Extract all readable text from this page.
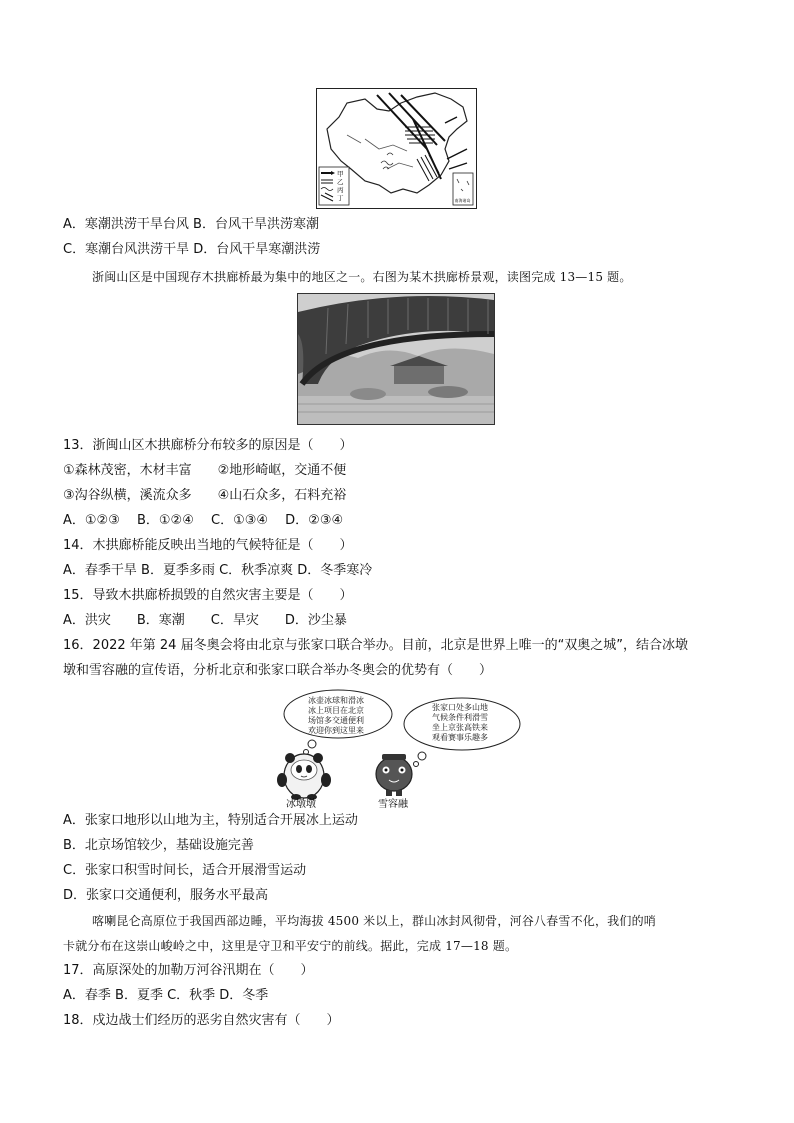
甲
乙
丙
丁	南海诸岛
A．寒潮洪涝干旱台风 B．台风干旱洪涝寒潮
C．寒潮台风洪涝干旱 D．台风干旱寒潮洪涝
浙闽山区是中国现存木拱廊桥最为集中的地区之一。右图为某木拱廊桥景观，读图完成 13—15 题。
13．浙闽山区木拱廊桥分布较多的原因是（　　）
①森林茂密，木材丰富　　②地形崎岖，交通不便
③沟谷纵横，溪流众多　　④山石众多，石料充裕
A．①②③　 B．①②④　 C．①③④　 D．②③④
14．木拱廊桥能反映出当地的气候特征是（　　）
A．春季干旱 B．夏季多雨 C．秋季凉爽 D．冬季寒冷
15．导致木拱廊桥损毁的自然灾害主要是（　　）
A．洪灾　　B．寒潮　　C．旱灾　　D．沙尘暴
16．2022 年第 24 届冬奥会将由北京与张家口联合举办。目前，北京是世界上唯一的“双奥之城”，结合冰墩
墩和雪容融的宣传语，分析北京和张家口联合举办冬奥会的优势有（　　）
冰壶冰球和滑冰
冰上项目在北京
场馆多交通便利
欢迎你到这里来
张家口处多山地
气候条件利滑雪
坐上京张高铁来
观看赛事乐趣多
冰墩墩	雪容融
A．张家口地形以山地为主，特别适合开展冰上运动
B．北京场馆较少，基础设施完善
C．张家口积雪时间长，适合开展滑雪运动
D．张家口交通便利，服务水平最高
喀喇昆仑高原位于我国西部边睡，平均海拔 4500 米以上，群山冰封风彻骨，河谷八春雪不化，我们的哨
卡就分布在这崇山峻岭之中，这里是守卫和平安宁的前线。据此，完成 17—18 题。
17．高原深处的加勒万河谷汛期在（　　）
A．春季 B．夏季 C．秋季 D．冬季
18．戍边战士们经历的恶劣自然灾害有（　　）
